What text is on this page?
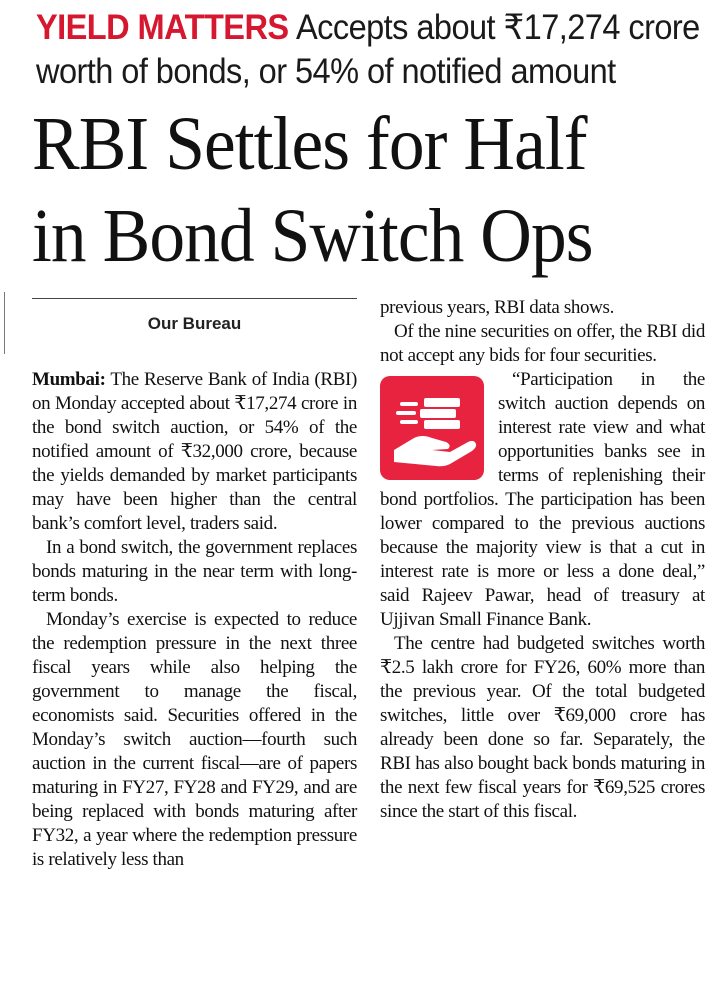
YIELD MATTERS Accepts about ₹17,274 crore
worth of bonds, or 54% of notified amount
RBI Settles for Half
in Bond Switch Ops
Our Bureau

Mumbai: The Reserve Bank of India (RBI) on Monday accepted about ₹17,274 crore in the bond switch auction, or 54% of the notified amount of ₹32,000 crore, because the yields demanded by market participants may have been higher than the central bank’s comfort level, traders said.

In a bond switch, the government replaces bonds maturing in the near term with long-term bonds.

Monday’s exercise is expected to reduce the redemption pressure in the next three fiscal years while also helping the government to manage the fiscal, economists said. Securities offered in the Monday’s switch auction—fourth such auction in the current fiscal—are of papers maturing in FY27, FY28 and FY29, and are being replaced with bonds maturing after FY32, a year where the redemption pressure is relatively less than

previous years, RBI data shows.

Of the nine securities on offer, the RBI did not accept any bids for four securities.

“Participation in the switch auction depends on interest rate view and what opportunities banks see in terms of replenishing their bond portfolios. The participation has been lower compared to the previous auctions because the majority view is that a cut in interest rate is more or less a done deal,” said Rajeev Pawar, head of treasury at Ujjivan Small Finance Bank.

The centre had budgeted switches worth ₹2.5 lakh crore for FY26, 60% more than the previous year. Of the total budgeted switches, little over ₹69,000 crore has already been done so far. Separately, the RBI has also bought back bonds maturing in the next few fiscal years for ₹69,525 crores since the start of this fiscal.
